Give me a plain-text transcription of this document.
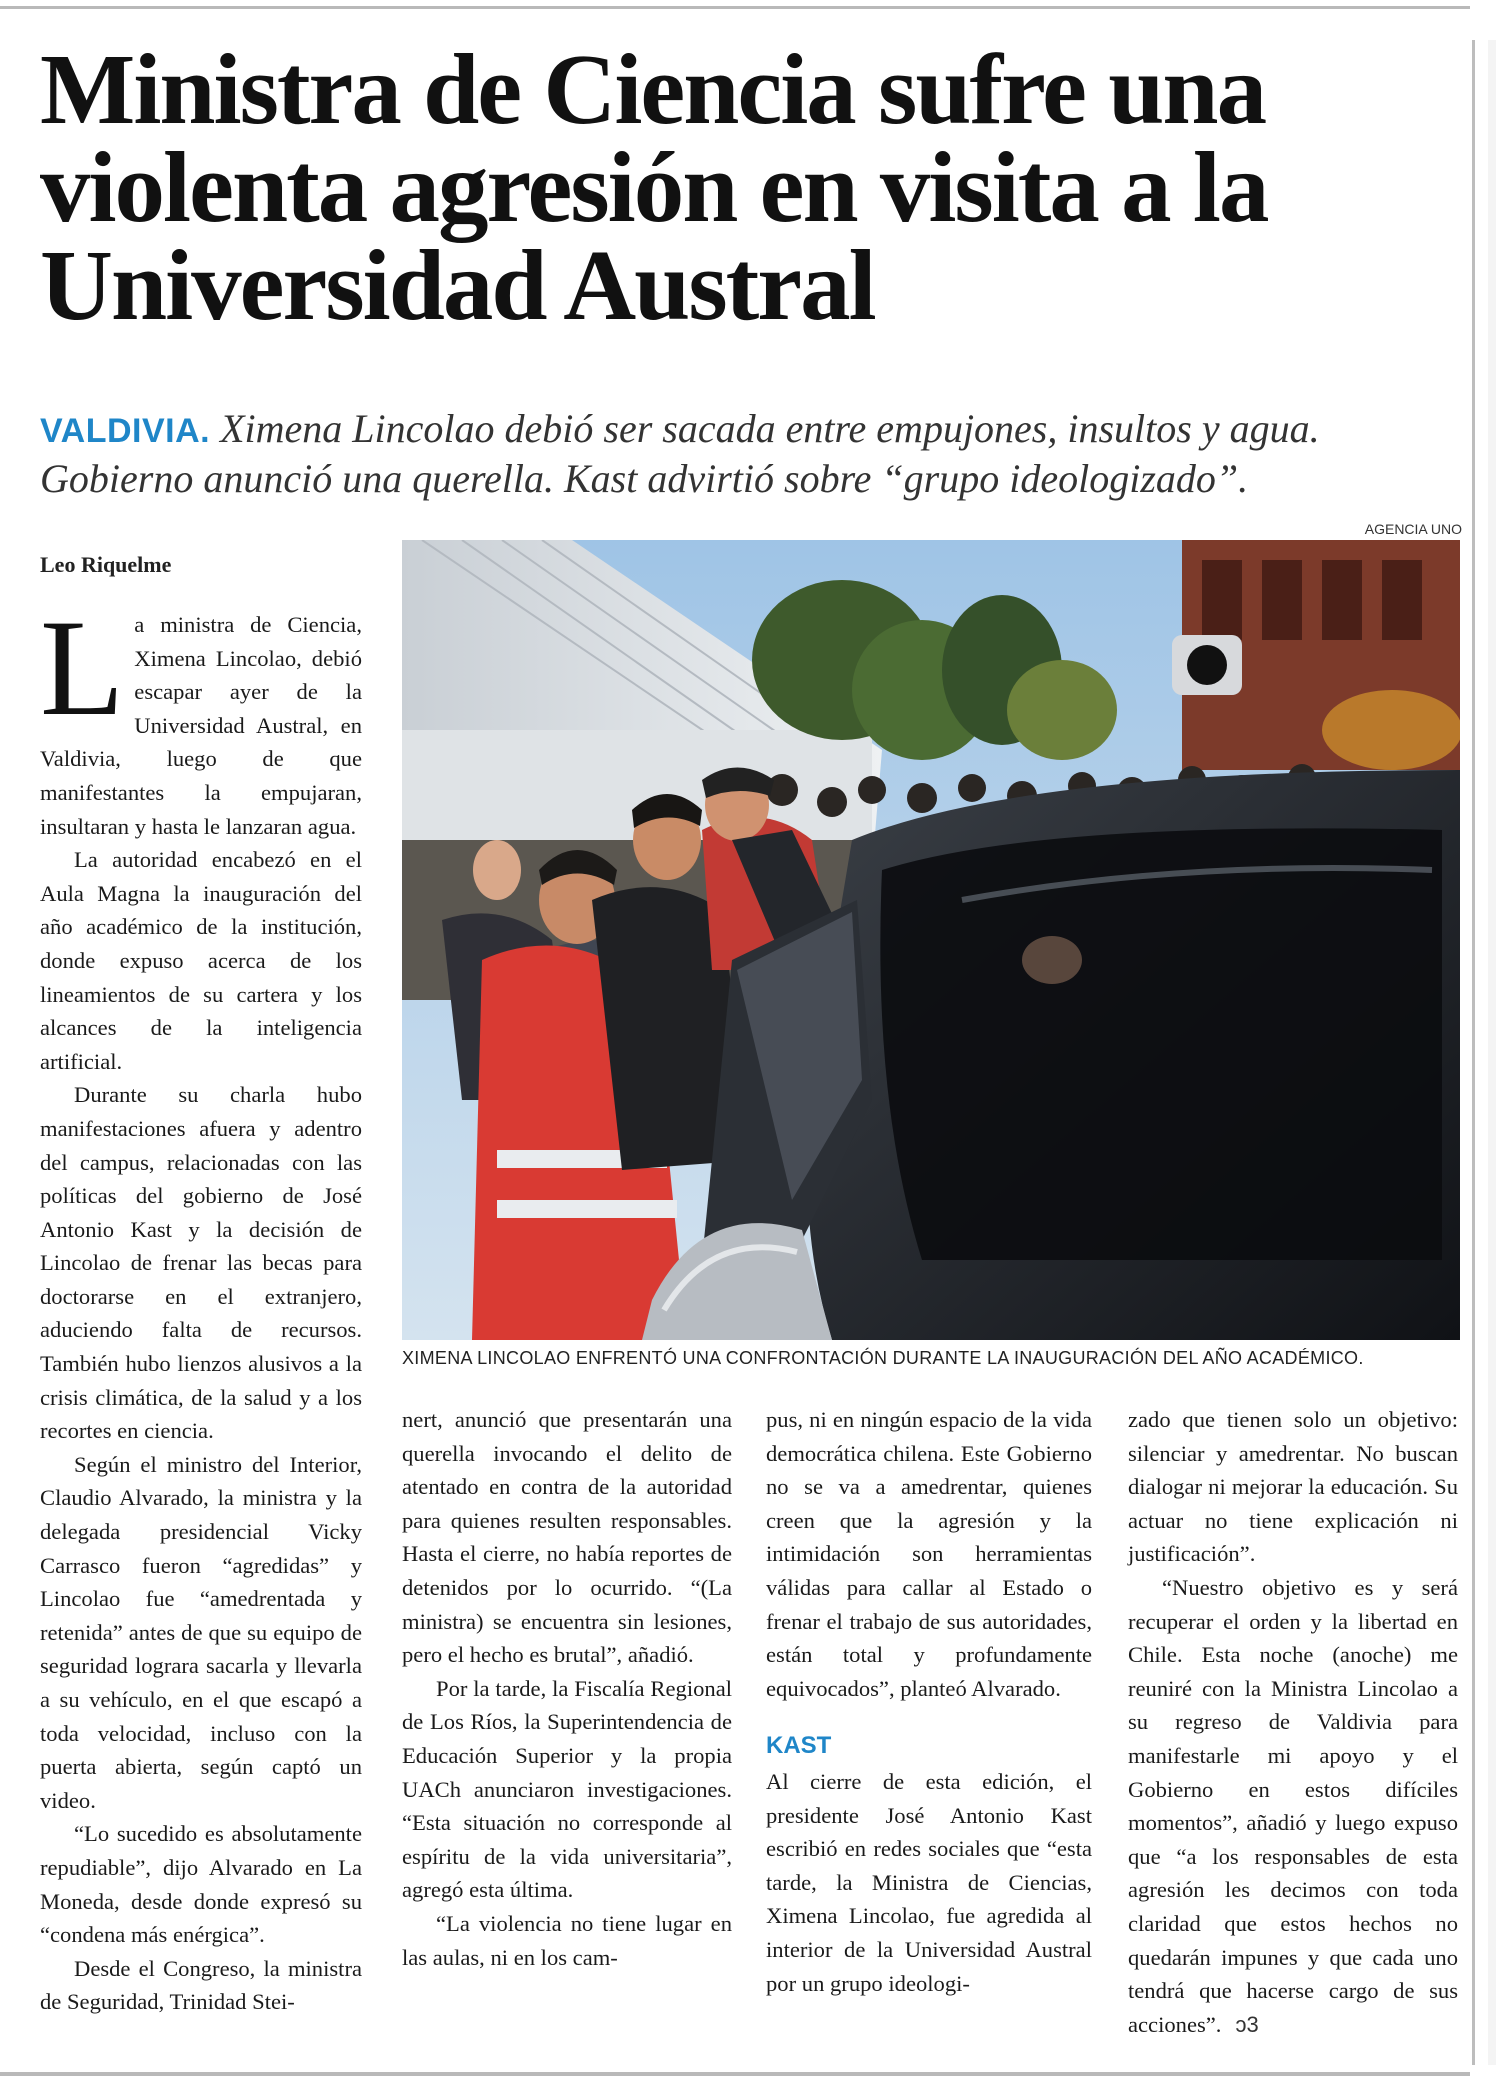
Ministra de Ciencia sufre una violenta agresión en visita a la Universidad Austral

VALDIVIA. Ximena Lincolao debió ser sacada entre empujones, insultos y agua. Gobierno anunció una querella. Kast advirtió sobre “grupo ideologizado”.

AGENCIA UNO
XIMENA LINCOLAO ENFRENTÓ UNA CONFRONTACIÓN DURANTE LA INAUGURACIÓN DEL AÑO ACADÉMICO.
Leo Riquelme

La ministra de Ciencia, Ximena Lincolao, debió escapar ayer de la Universidad Austral, en Valdivia, luego de que manifestantes la empujaran, insultaran y hasta le lanzaran agua.

La autoridad encabezó en el Aula Magna la inauguración del año académico de la institución, donde expuso acerca de los lineamientos de su cartera y los alcances de la inteligencia artificial.

Durante su charla hubo manifestaciones afuera y adentro del campus, relacionadas con las políticas del gobierno de José Antonio Kast y la decisión de Lincolao de frenar las becas para doctorarse en el extranjero, aduciendo falta de recursos. También hubo lienzos alusivos a la crisis climática, de la salud y a los recortes en ciencia.

Según el ministro del Interior, Claudio Alvarado, la ministra y la delegada presidencial Vicky Carrasco fueron “agredidas” y Lincolao fue “amedrentada y retenida” antes de que su equipo de seguridad lograra sacarla y llevarla a su vehículo, en el que escapó a toda velocidad, incluso con la puerta abierta, según captó un video.

“Lo sucedido es absolutamente repudiable”, dijo Alvarado en La Moneda, desde donde expresó su “condena más enérgica”.

Desde el Congreso, la ministra de Seguridad, Trinidad Stei-

nert, anunció que presentarán una querella invocando el delito de atentado en contra de la autoridad para quienes resulten responsables. Hasta el cierre, no había reportes de detenidos por lo ocurrido. “(La ministra) se encuentra sin lesiones, pero el hecho es brutal”, añadió.

Por la tarde, la Fiscalía Regional de Los Ríos, la Superintendencia de Educación Superior y la propia UACh anunciaron investigaciones. “Esta situación no corresponde al espíritu de la vida universitaria”, agregó esta última.

“La violencia no tiene lugar en las aulas, ni en los cam-

pus, ni en ningún espacio de la vida democrática chilena. Este Gobierno no se va a amedrentar, quienes creen que la agresión y la intimidación son herramientas válidas para callar al Estado o frenar el trabajo de sus autoridades, están total y profundamente equivocados”, planteó Alvarado.

KAST

Al cierre de esta edición, el presidente José Antonio Kast escribió en redes sociales que “esta tarde, la Ministra de Ciencias, Ximena Lincolao, fue agredida al interior de la Universidad Austral por un grupo ideologi-

zado que tienen solo un objetivo: silenciar y amedrentar. No buscan dialogar ni mejorar la educación. Su actuar no tiene explicación ni justificación”.

“Nuestro objetivo es y será recuperar el orden y la libertad en Chile. Esta noche (anoche) me reuniré con la Ministra Lincolao a su regreso de Valdivia para manifestarle mi apoyo y el Gobierno en estos difíciles momentos”, añadió y luego expuso que “a los responsables de esta agresión les decimos con toda claridad que estos hechos no quedarán impunes y que cada uno tendrá que hacerse cargo de sus acciones”. ↄ3
